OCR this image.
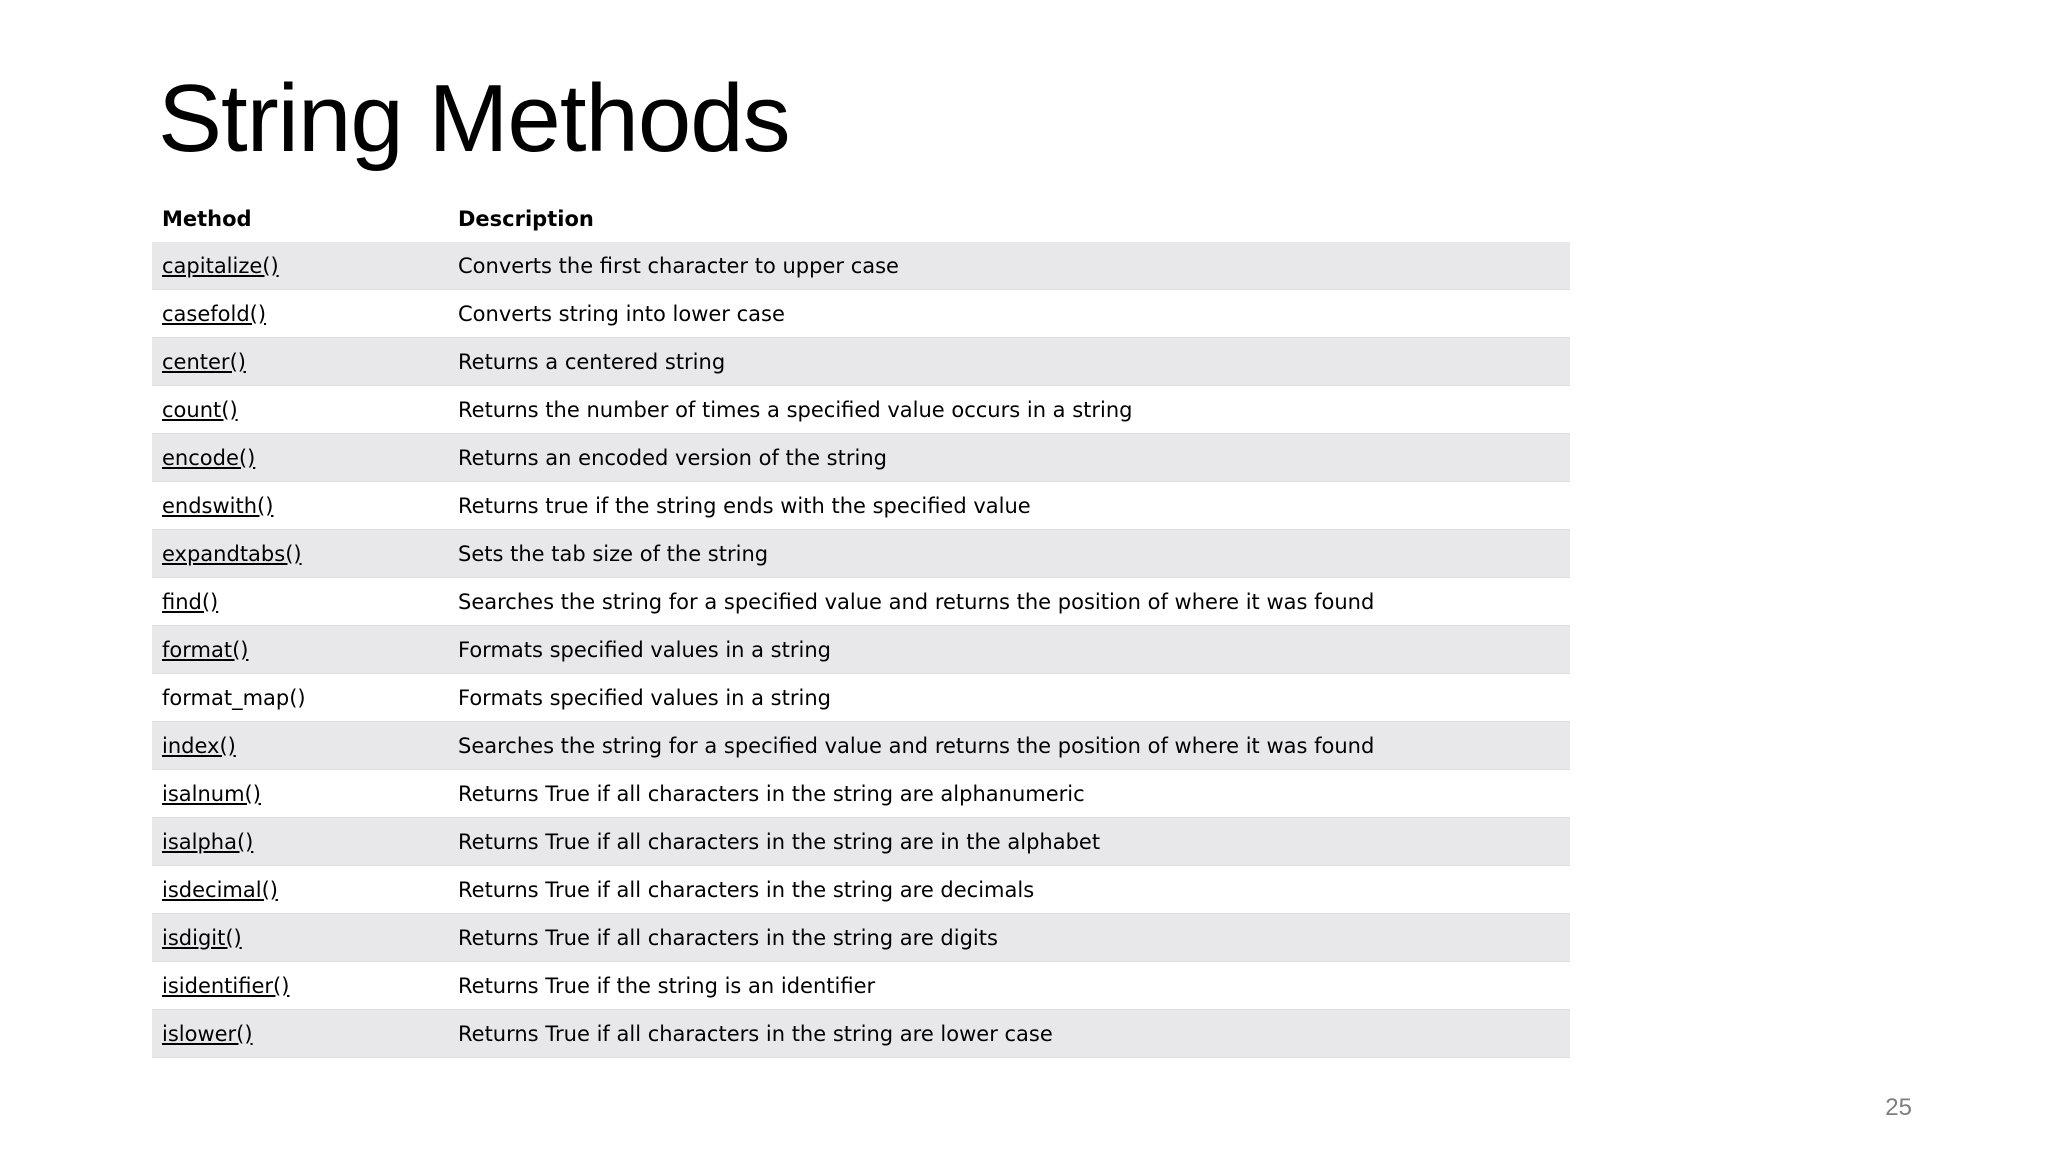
String Methods
Method	Description
capitalize()	Converts the first character to upper case
casefold()	Converts string into lower case
center()	Returns a centered string
count()	Returns the number of times a specified value occurs in a string
encode()	Returns an encoded version of the string
endswith()	Returns true if the string ends with the specified value
expandtabs()	Sets the tab size of the string
find()	Searches the string for a specified value and returns the position of where it was found
format()	Formats specified values in a string
format_map()	Formats specified values in a string
index()	Searches the string for a specified value and returns the position of where it was found
isalnum()	Returns True if all characters in the string are alphanumeric
isalpha()	Returns True if all characters in the string are in the alphabet
isdecimal()	Returns True if all characters in the string are decimals
isdigit()	Returns True if all characters in the string are digits
isidentifier()	Returns True if the string is an identifier
islower()	Returns True if all characters in the string are lower case
25
